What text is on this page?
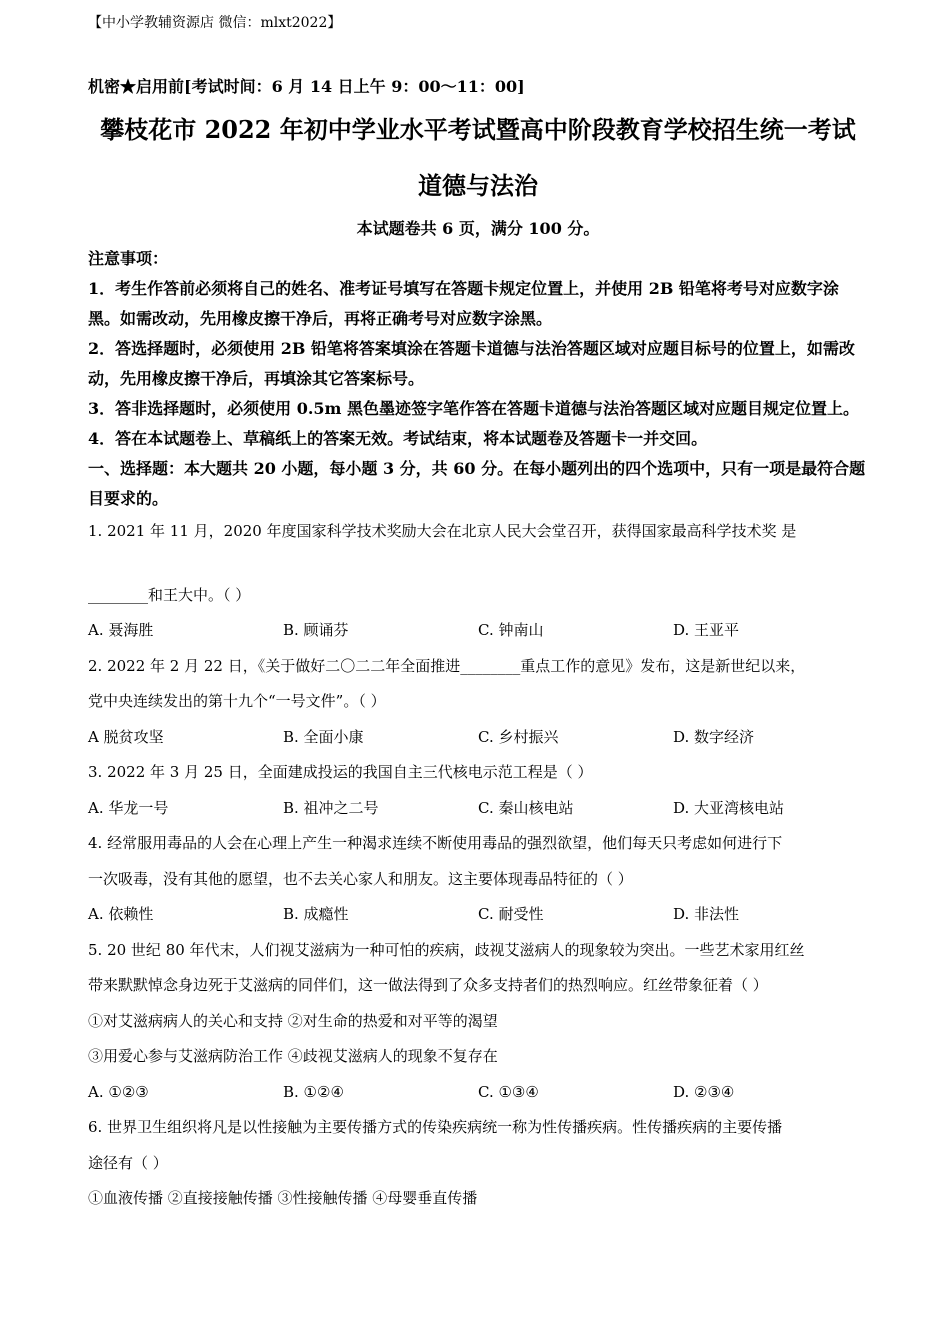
【中小学教辅资源店 微信：mlxt2022】
机密★启用前[考试时间：6 月 14 日上午 9：00～11：00]
攀枝花市 2022 年初中学业水平考试暨高中阶段教育学校招生统一考试
道德与法治
本试题卷共 6 页，满分 100 分。
注意事项：
1．考生作答前必须将自己的姓名、准考证号填写在答题卡规定位置上，并使用 2B 铅笔将考号对应数字涂黑。如需改动，先用橡皮擦干净后，再将正确考号对应数字涂黑。
2．答选择题时，必须使用 2B 铅笔将答案填涂在答题卡道德与法治答题区域对应题目标号的位置上，如需改动，先用橡皮擦干净后，再填涂其它答案标号。
3．答非选择题时，必须使用 0.5m 黑色墨迹签字笔作答在答题卡道德与法治答题区域对应题目规定位置上。
4．答在本试题卷上、草稿纸上的答案无效。考试结束，将本试题卷及答题卡一并交回。
一、选择题：本大题共 20 小题，每小题 3 分，共 60 分。在每小题列出的四个选项中，只有一项是最符合题目要求的。
1. 2021 年 11 月，2020 年度国家科学技术奖励大会在北京人民大会堂召开，获得国家最高科学技术奖 是
________和王大中。（ ）
A. 聂海胜	B. 顾诵芬	C. 钟南山	D. 王亚平
2. 2022 年 2 月 22 日，《关于做好二〇二二年全面推进________重点工作的意见》发布，这是新世纪以来，
党中央连续发出的第十九个“一号文件”。（ ）
A 脱贫攻坚	B. 全面小康	C. 乡村振兴	D. 数字经济
3. 2022 年 3 月 25 日，全面建成投运的我国自主三代核电示范工程是（ ）
A. 华龙一号	B. 祖冲之二号	C. 秦山核电站	D. 大亚湾核电站
4. 经常服用毒品的人会在心理上产生一种渴求连续不断使用毒品的强烈欲望，他们每天只考虑如何进行下
一次吸毒，没有其他的愿望，也不去关心家人和朋友。这主要体现毒品特征的（ ）
A. 依赖性	B. 成瘾性	C. 耐受性	D. 非法性
5. 20 世纪 80 年代末，人们视艾滋病为一种可怕的疾病，歧视艾滋病人的现象较为突出。一些艺术家用红丝
带来默默悼念身边死于艾滋病的同伴们，这一做法得到了众多支持者们的热烈响应。红丝带象征着（ ）
①对艾滋病病人的关心和支持 ②对生命的热爱和对平等的渴望
③用爱心参与艾滋病防治工作 ④歧视艾滋病人的现象不复存在
A. ①②③	B. ①②④	C. ①③④	D. ②③④
6. 世界卫生组织将凡是以性接触为主要传播方式的传染疾病统一称为性传播疾病。性传播疾病的主要传播
途径有（ ）
①血液传播 ②直接接触传播 ③性接触传播 ④母婴垂直传播
